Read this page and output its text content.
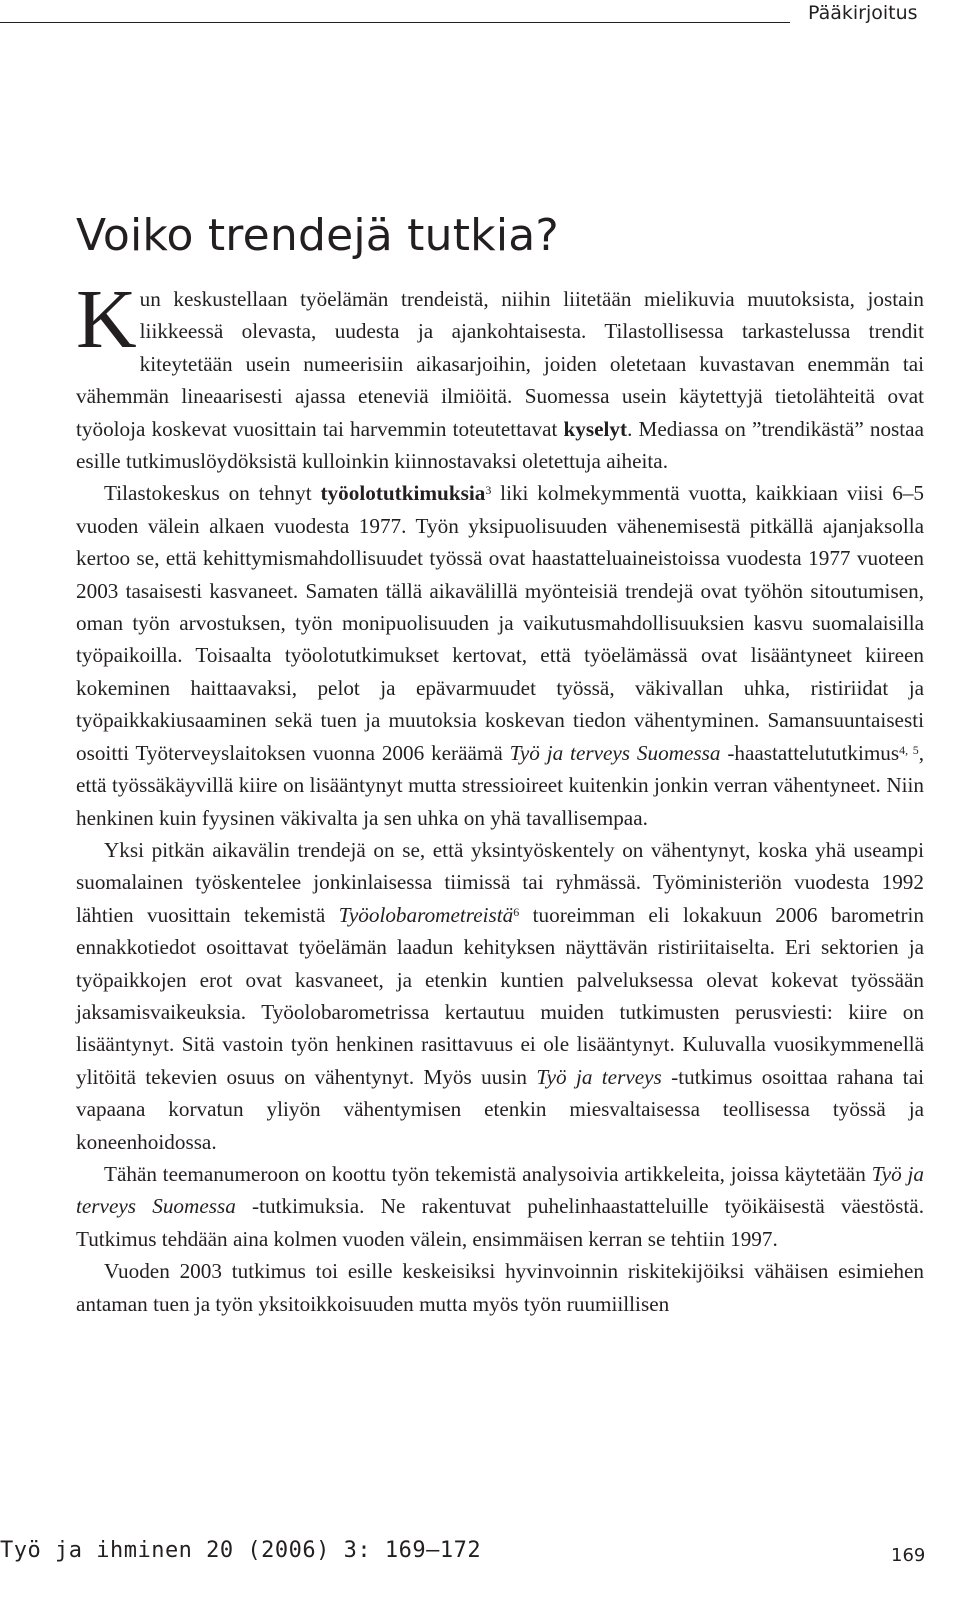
Pääkirjoitus
Voiko trendejä tutkia?

Kun keskustellaan työelämän trendeistä, niihin liitetään mielikuvia muutoksista, jostain liikkeessä olevasta, uudesta ja ajankohtaisesta. Tilastollisessa tarkastelussa trendit kiteytetään usein numeerisiin aikasarjoihin, joiden oletetaan kuvastavan enemmän tai vähemmän lineaarisesti ajassa eteneviä ilmiöitä. Suomessa usein käytettyjä tietolähteitä ovat työoloja koskevat vuosittain tai harvemmin toteutettavat kyselyt. Mediassa on ”trendikästä” nostaa esille tutkimuslöydöksistä kulloinkin kiinnostavaksi oletettuja aiheita.

Tilastokeskus on tehnyt työolotutkimuksia$^3$ liki kolmekymmentä vuotta, kaikkiaan viisi 6–5 vuoden välein alkaen vuodesta 1977. Työn yksipuolisuuden vähenemisestä pitkällä ajanjaksolla kertoo se, että kehittymismahdollisuudet työssä ovat haastatteluaineistoissa vuodesta 1977 vuoteen 2003 tasaisesti kasvaneet. Samaten tällä aikavälillä myönteisiä trendejä ovat työhön sitoutumisen, oman työn arvostuksen, työn monipuolisuuden ja vaikutusmahdollisuuksien kasvu suomalaisilla työpaikoilla. Toisaalta työolotutkimukset kertovat, että työelämässä ovat lisääntyneet kiireen kokeminen haittaavaksi, pelot ja epävarmuudet työssä, väkivallan uhka, ristiriidat ja työpaikkakiusaaminen sekä tuen ja muutoksia koskevan tiedon vähentyminen. Samansuuntaisesti osoitti Työterveyslaitoksen vuonna 2006 keräämä Työ ja terveys Suomessa -haastattelututkimus$^{4, 5}$, että työssäkäyvillä kiire on lisääntynyt mutta stressioireet kuitenkin jonkin verran vähentyneet. Niin henkinen kuin fyysinen väkivalta ja sen uhka on yhä tavallisempaa.

Yksi pitkän aikavälin trendejä on se, että yksintyöskentely on vähentynyt, koska yhä useampi suomalainen työskentelee jonkinlaisessa tiimissä tai ryhmässä. Työministeriön vuodesta 1992 lähtien vuosittain tekemistä Työolobarometreistä$^6$ tuoreimman eli lokakuun 2006 barometrin ennakkotiedot osoittavat työelämän laadun kehityksen näyttävän ristiriitaiselta. Eri sektorien ja työpaikkojen erot ovat kasvaneet, ja etenkin kuntien palveluksessa olevat kokevat työssään jaksamisvaikeuksia. Työolobarometrissa kertautuu muiden tutkimusten perusviesti: kiire on lisääntynyt. Sitä vastoin työn henkinen rasittavuus ei ole lisääntynyt. Kuluvalla vuosikymmenellä ylitöitä tekevien osuus on vähentynyt. Myös uusin Työ ja terveys -tutkimus osoittaa rahana tai vapaana korvatun yliyön vähentymisen etenkin miesvaltaisessa teollisessa työssä ja koneenhoidossa.

Tähän teemanumeroon on koottu työn tekemistä analysoivia artikkeleita, joissa käytetään Työ ja terveys Suomessa -tutkimuksia. Ne rakentuvat puhelinhaastatteluille työikäisestä väestöstä. Tutkimus tehdään aina kolmen vuoden välein, ensimmäisen kerran se tehtiin 1997.

Vuoden 2003 tutkimus toi esille keskeisiksi hyvinvoinnin riskitekijöiksi vähäisen esimiehen antaman tuen ja työn yksitoikkoisuuden mutta myös työn ruumiillisen

Työ ja ihminen 20 (2006) 3: 169—172	169
